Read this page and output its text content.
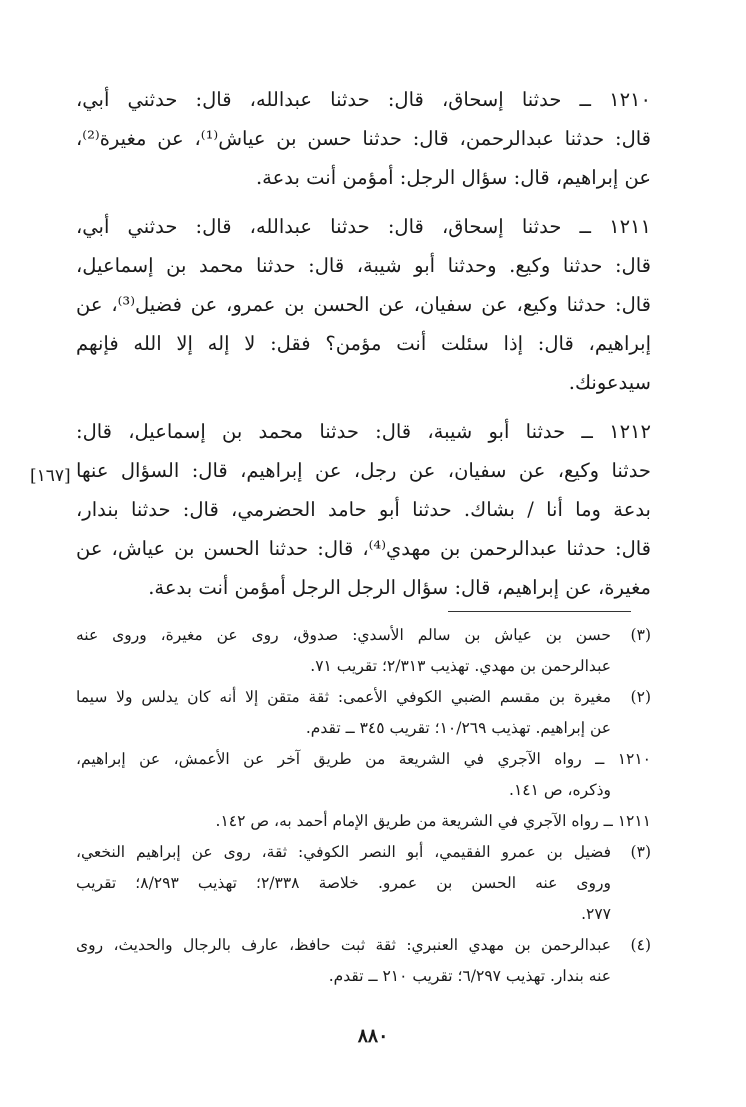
١٢١٠ ــ حدثنا إسحاق، قال: حدثنا عبدالله، قال: حدثني أبي،
قال: حدثنا عبدالرحمن، قال: حدثنا حسن بن عياش⁽¹⁾، عن مغيرة⁽²⁾،
عن إبراهيم، قال: سؤال الرجل: أمؤمن أنت بدعة.

١٢١١ ــ حدثنا إسحاق، قال: حدثنا عبدالله، قال: حدثني أبي،
قال: حدثنا وكيع. وحدثنا أبو شيبة، قال: حدثنا محمد بن إسماعيل،
قال: حدثنا وكيع، عن سفيان، عن الحسن بن عمرو، عن فضيل⁽³⁾، عن
إبراهيم، قال: إذا سئلت أنت مؤمن؟ فقل: لا إله إلا الله فإنهم
سيدعونك.

١٢١٢ ــ حدثنا أبو شيبة، قال: حدثنا محمد بن إسماعيل، قال:
حدثنا وكيع، عن سفيان، عن رجل، عن إبراهيم، قال: السؤال عنها
بدعة وما أنا / بشاك. حدثنا أبو حامد الحضرمي، قال: حدثنا بندار،
قال: حدثنا عبدالرحمن بن مهدي⁽⁴⁾، قال: حدثنا الحسن بن عياش، عن
مغيرة، عن إبراهيم، قال: سؤال الرجل الرجل أمؤمن أنت بدعة.

[١٦٧]
(٣)حسن بن عياش بن سالم الأسدي: صدوق، روى عن مغيرة، وروى عنه
عبدالرحمن بن مهدي. تهذيب ٢/٣١٣؛ تقريب ٧١.
(٢)مغيرة بن مقسم الضبي الكوفي الأعمى: ثقة متقن إلا أنه كان يدلس ولا سيما
عن إبراهيم. تهذيب ١٠/٢٦٩؛ تقريب ٣٤٥ ــ تقدم.
١٢١٠ ــ رواه الآجري في الشريعة من طريق آخر عن الأعمش، عن إبراهيم،
وذكره، ص ١٤١.
١٢١١ ــ رواه الآجري في الشريعة من طريق الإمام أحمد به، ص ١٤٢.
(٣)فضيل بن عمرو الفقيمي، أبو النصر الكوفي: ثقة، روى عن إبراهيم النخعي،
وروى عنه الحسن بن عمرو. خلاصة ٢/٣٣٨؛ تهذيب ٨/٢٩٣؛ تقريب
٢٧٧.
(٤)عبدالرحمن بن مهدي العنبري: ثقة ثبت حافظ، عارف بالرجال والحديث، روى
عنه بندار. تهذيب ٦/٢٩٧؛ تقريب ٢١٠ ــ تقدم.
٨٨٠
